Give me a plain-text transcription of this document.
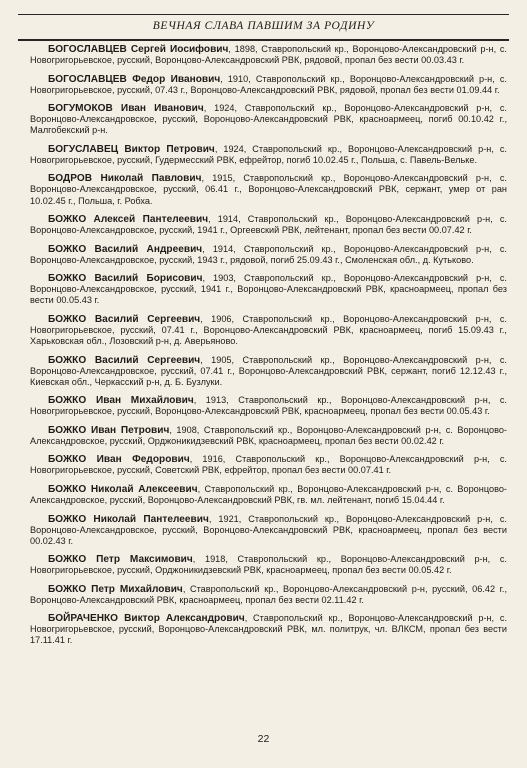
ВЕЧНАЯ СЛАВА ПАВШИМ ЗА РОДИНУ

БОГОСЛАВЦЕВ Сергей Иосифович, 1898, Ставропольский кр., Воронцово-Александровский р-н, с. Новогригорьевское, русский, Воронцово-Александровский РВК, рядовой, пропал без вести 00.03.43 г.

БОГОСЛАВЦЕВ Федор Иванович, 1910, Ставропольский кр., Воронцово-Александровский р-н, с. Новогригорьевское, русский, 07.43 г., Воронцово-Александровский РВК, рядовой, пропал без вести 01.09.44 г.

БОГУМОКОВ Иван Иванович, 1924, Ставропольский кр., Воронцово-Александровский р-н, с. Воронцово-Александровское, русский, Воронцово-Александровский РВК, красноармеец, погиб 00.10.42 г., Малгобекский р-н.

БОГУСЛАВЕЦ Виктор Петрович, 1924, Ставропольский кр., Воронцово-Александровский р-н, с. Новогригорьевское, русский, Гудермесский РВК, ефрейтор, погиб 10.02.45 г., Польша, с. Павель-Вельке.

БОДРОВ Николай Павлович, 1915, Ставропольский кр., Воронцово-Александровский р-н, с. Воронцово-Александровское, русский, 06.41 г., Воронцово-Александровский РВК, сержант, умер от ран 10.02.45 г., Польша, г. Робха.

БОЖКО Алексей Пантелеевич, 1914, Ставропольский кр., Воронцово-Александровский р-н, с. Воронцово-Александровское, русский, 1941 г., Оргеевский РВК, лейтенант, пропал без вести 00.07.42 г.

БОЖКО Василий Андреевич, 1914, Ставропольский кр., Воронцово-Александровский р-н, с. Воронцово-Александровское, русский, 1943 г., рядовой, погиб 25.09.43 г., Смоленская обл., д. Кутьково.

БОЖКО Василий Борисович, 1903, Ставропольский кр., Воронцово-Александровский р-н, с. Воронцово-Александровское, русский, 1941 г., Воронцово-Александровский РВК, красноармеец, пропал без вести 00.05.43 г.

БОЖКО Василий Сергеевич, 1906, Ставропольский кр., Воронцово-Александровский р-н, с. Новогригорьевское, русский, 07.41 г., Воронцово-Александровский РВК, красноармеец, погиб 15.09.43 г., Харьковская обл., Лозовский р-н, д. Аверьяново.

БОЖКО Василий Сергеевич, 1905, Ставропольский кр., Воронцово-Александровский р-н, с. Воронцово-Александровское, русский, 07.41 г., Воронцово-Александровский РВК, сержант, погиб 12.12.43 г., Киевская обл., Черкасский р-н, д. Б. Бузлуки.

БОЖКО Иван Михайлович, 1913, Ставропольский кр., Воронцово-Александровский р-н, с. Новогригорьевское, русский, Воронцово-Александровский РВК, красноармеец, пропал без вести 00.05.43 г.

БОЖКО Иван Петрович, 1908, Ставропольский кр., Воронцово-Александровский р-н, с. Воронцово-Александровское, русский, Орджоникидзевский РВК, красноармеец, пропал без вести 00.02.42 г.

БОЖКО Иван Федорович, 1916, Ставропольский кр., Воронцово-Александровский р-н, с. Новогригорьевское, русский, Советский РВК, ефрейтор, пропал без вести 00.07.41 г.

БОЖКО Николай Алексеевич, Ставропольский кр., Воронцово-Александровский р-н, с. Воронцово-Александровское, русский, Воронцово-Александровский РВК, гв. мл. лейтенант, погиб 15.04.44 г.

БОЖКО Николай Пантелеевич, 1921, Ставропольский кр., Воронцово-Александровский р-н, с. Воронцово-Александровское, русский, Воронцово-Александровский РВК, красноармеец, пропал без вести 00.02.43 г.

БОЖКО Петр Максимович, 1918, Ставропольский кр., Воронцово-Александровский р-н, с. Новогригорьевское, русский, Орджоникидзевский РВК, красноармеец, пропал без вести 00.05.42 г.

БОЖКО Петр Михайлович, Ставропольский кр., Воронцово-Александровский р-н, русский, 06.42 г., Воронцово-Александровский РВК, красноармеец, пропал без вести 02.11.42 г.

БОЙРАЧЕНКО Виктор Александрович, Ставропольский кр., Воронцово-Александровский р-н, с. Новогригорьевское, русский, Воронцово-Александровский РВК, мл. политрук, чл. ВЛКСМ, пропал без вести 17.11.41 г.

22
